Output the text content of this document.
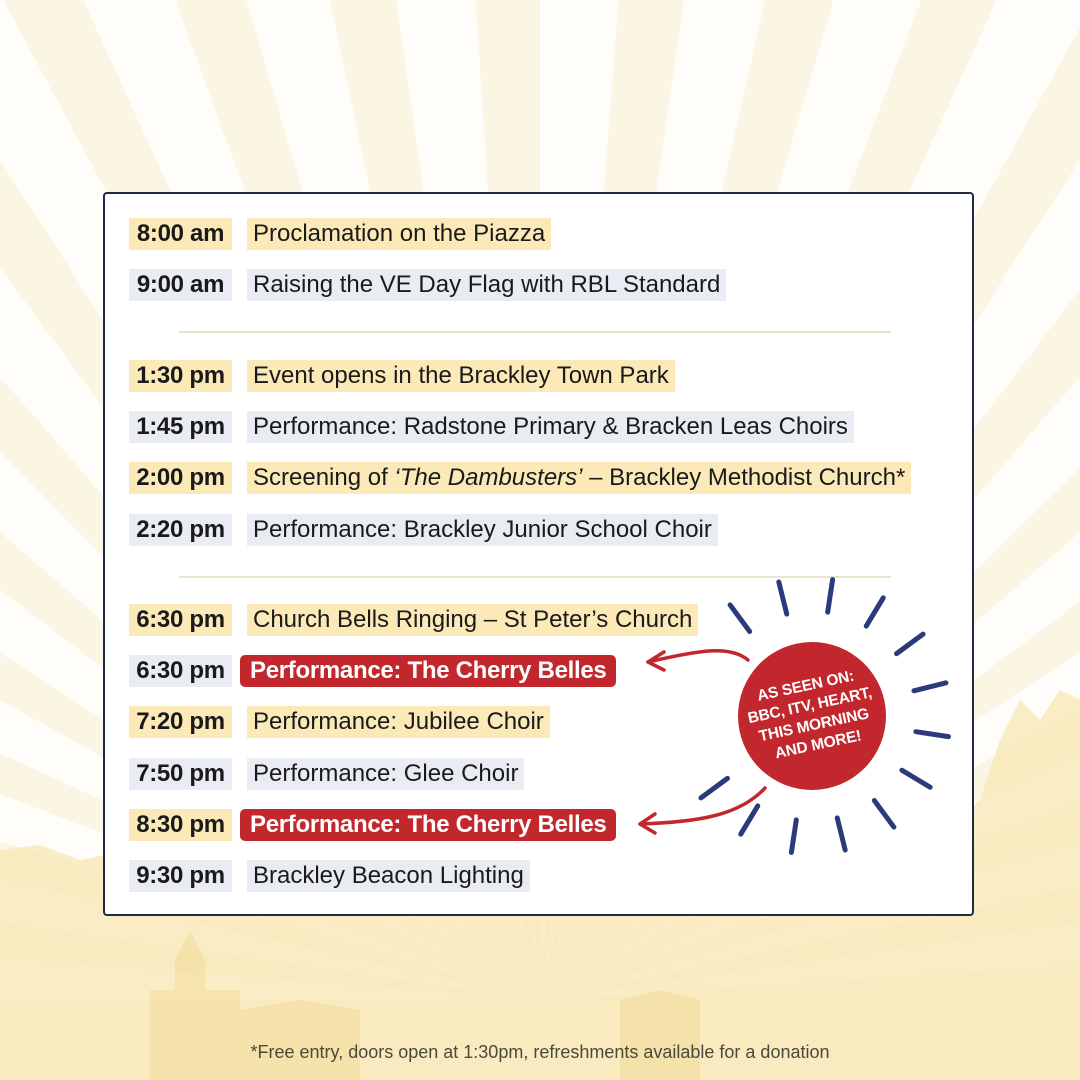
8:00 am	Proclamation on the Piazza
9:00 am	Raising the VE Day Flag with RBL Standard
1:30 pm	Event opens in the Brackley Town Park
1:45 pm	Performance: Radstone Primary & Bracken Leas Choirs
2:00 pm	Screening of ‘The Dambusters’ – Brackley Methodist Church*
2:20 pm	Performance: Brackley Junior School Choir
6:30 pm	Church Bells Ringing – St Peter’s Church
6:30 pm	Performance: The Cherry Belles
7:20 pm	Performance: Jubilee Choir
7:50 pm	Performance: Glee Choir
8:30 pm	Performance: The Cherry Belles
9:30 pm	Brackley Beacon Lighting
AS SEEN ON:
BBC, ITV, HEART,
THIS MORNING
AND MORE!
*Free entry, doors open at 1:30pm, refreshments available for a donation
